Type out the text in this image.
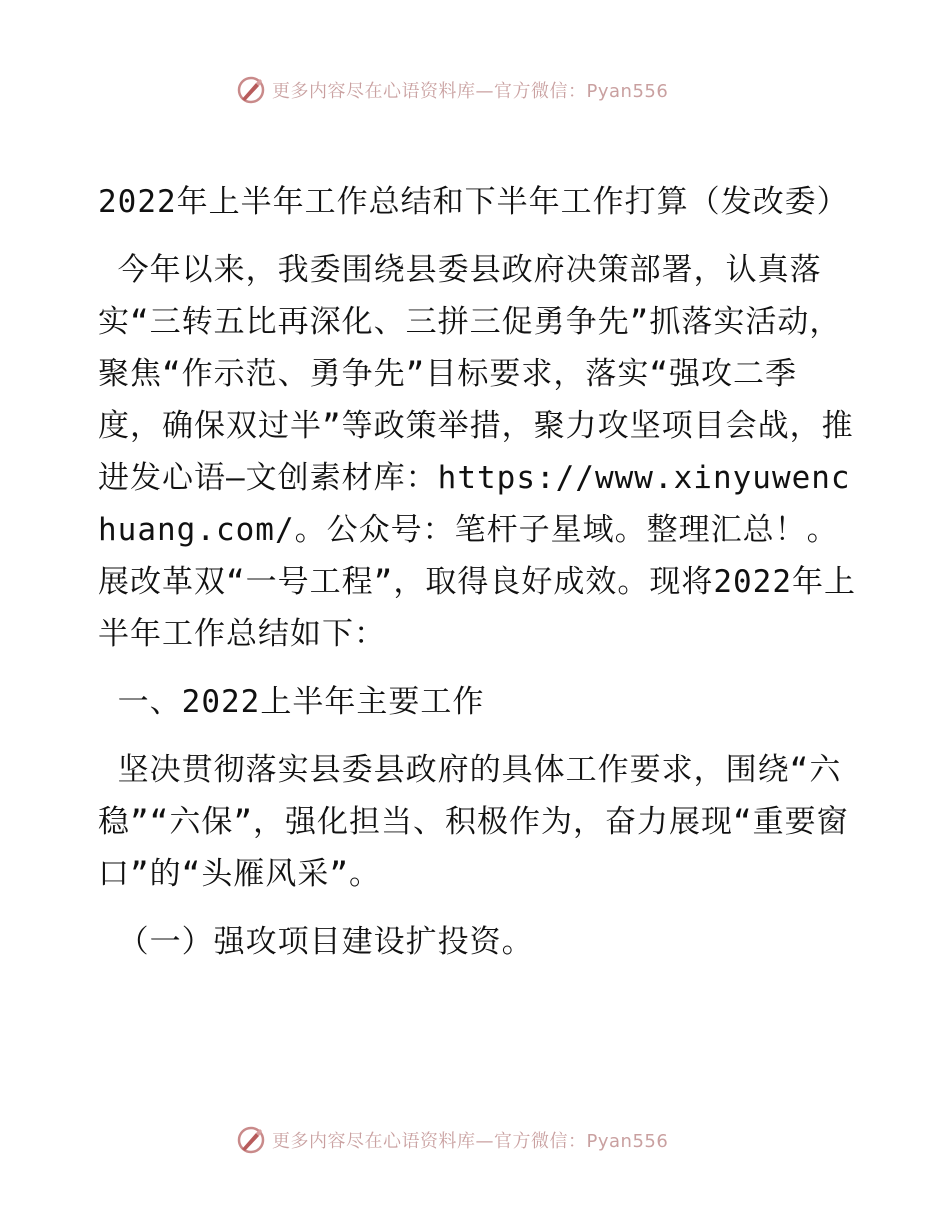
更多内容尽在心语资料库—官方微信：Pyan556

2022年上半年工作总结和下半年工作打算（发改委）

今年以来，我委围绕县委县政府决策部署，认真落实“三转五比再深化、三拼三促勇争先”抓落实活动，聚焦“作示范、勇争先”目标要求，落实“强攻二季度，确保双过半”等政策举措，聚力攻坚项目会战，推进发心语—文创素材库：https://www.xinyuwenchuang.com/。公众号：笔杆子星域。整理汇总！。展改革双“一号工程”，取得良好成效。现将2022年上半年工作总结如下：

一、2022上半年主要工作

坚决贯彻落实县委县政府的具体工作要求，围绕“六稳”“六保”，强化担当、积极作为，奋力展现“重要窗口”的“头雁风采”。

（一）强攻项目建设扩投资。

更多内容尽在心语资料库—官方微信：Pyan556
